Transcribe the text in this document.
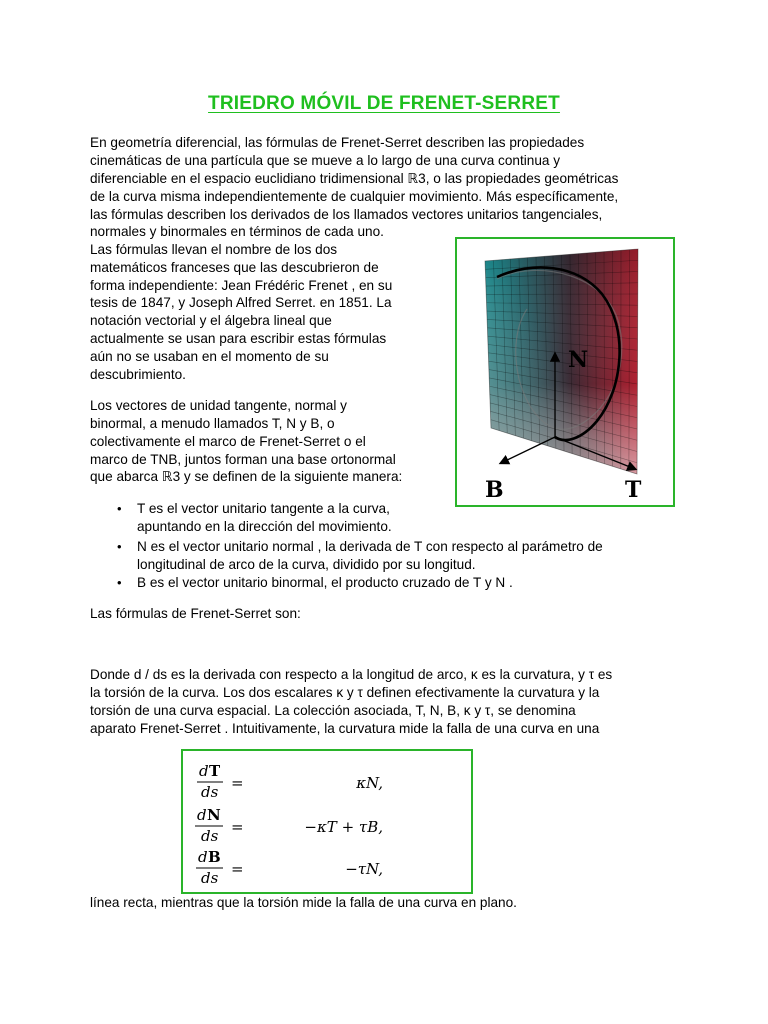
TRIEDRO MÓVIL DE FRENET-SERRET
En geometría diferencial, las fórmulas de Frenet-Serret describen las propiedades
cinemáticas de una partícula que se mueve a lo largo de una curva continua y
diferenciable en el espacio euclidiano tridimensional ℝ3, o las propiedades geométricas
de la curva misma independientemente de cualquier movimiento. Más específicamente,
las fórmulas describen los derivados de los llamados vectores unitarios tangenciales,
normales y binormales en términos de cada uno.
Las fórmulas llevan el nombre de los dos
matemáticos franceses que las descubrieron de
forma independiente: Jean Frédéric Frenet , en su
tesis de 1847, y Joseph Alfred Serret. en 1851. La
notación vectorial y el álgebra lineal que
actualmente se usan para escribir estas fórmulas
aún no se usaban en el momento de su
descubrimiento.
Los vectores de unidad tangente, normal y
binormal, a menudo llamados T, N y B, o
colectivamente el marco de Frenet-Serret o el
marco de TNB, juntos forman una base ortonormal
que abarca ℝ3 y se definen de la siguiente manera:
•	T es el vector unitario tangente a la curva,
apuntando en la dirección del movimiento.
•	N es el vector unitario normal , la derivada de T con respecto al parámetro de
longitudinal de arco de la curva, dividido por su longitud.
•	B es el vector unitario binormal, el producto cruzado de T y N .
Las fórmulas de Frenet-Serret son:
Donde d / ds es la derivada con respecto a la longitud de arco, κ es la curvatura, y τ es
la torsión de la curva. Los dos escalares κ y τ definen efectivamente la curvatura y la
torsión de una curva espacial. La colección asociada, T, N, B, κ y τ, se denomina
aparato Frenet-Serret . Intuitivamente, la curvatura mide la falla de una curva en una
línea recta, mientras que la torsión mide la falla de una curva en plano.
N
B	T
d T
ds =	κN,
d N
ds =	−κT + τB,
d B
ds =	−τN,
